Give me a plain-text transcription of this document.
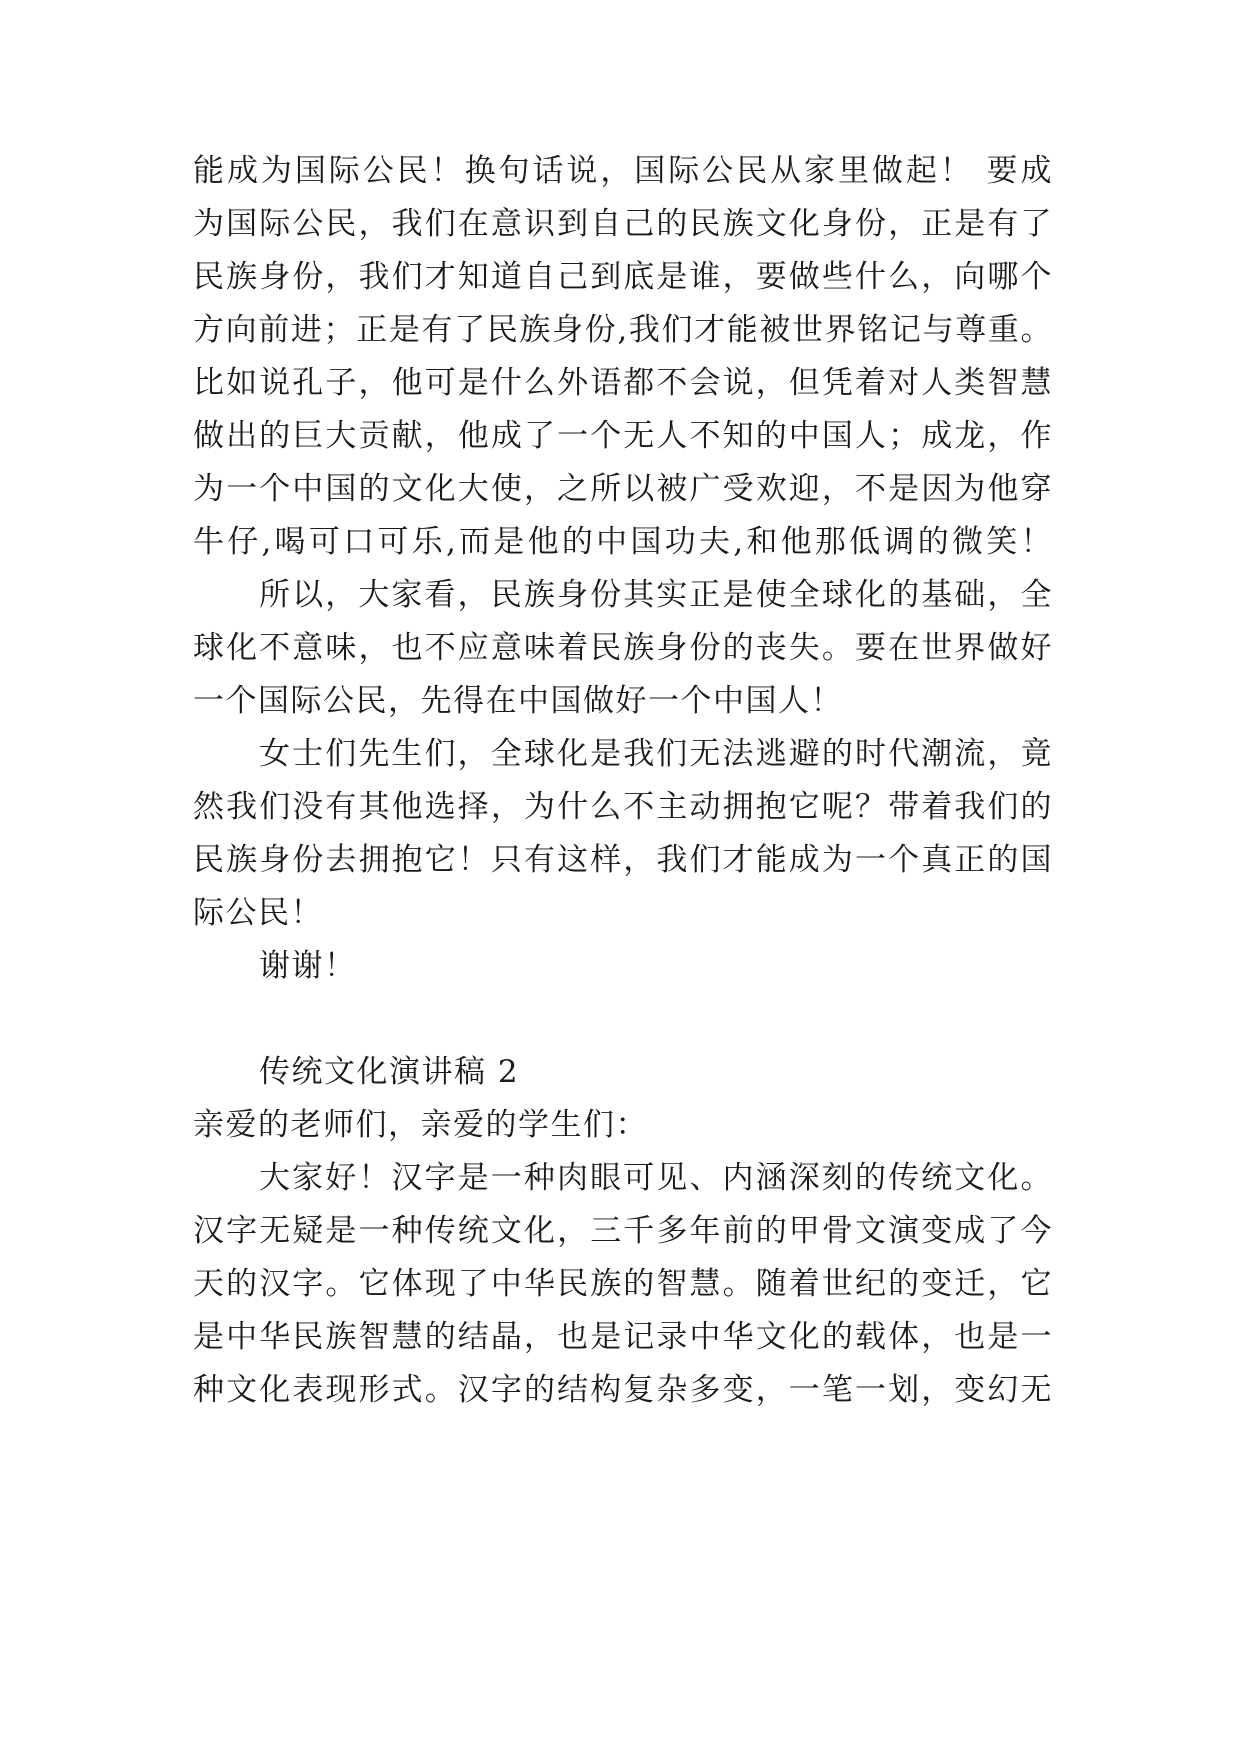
能成为国际公民！换句话说，国际公民从家里做起！ 要成
为国际公民，我们在意识到自己的民族文化身份，正是有了
民族身份，我们才知道自己到底是谁，要做些什么，向哪个
方向前进；正是有了民族身份,我们才能被世界铭记与尊重。
比如说孔子，他可是什么外语都不会说，但凭着对人类智慧
做出的巨大贡献，他成了一个无人不知的中国人；成龙，作
为一个中国的文化大使，之所以被广受欢迎，不是因为他穿
牛仔,喝可口可乐,而是他的中国功夫,和他那低调的微笑！
所以，大家看，民族身份其实正是使全球化的基础，全
球化不意味，也不应意味着民族身份的丧失。要在世界做好
一个国际公民，先得在中国做好一个中国人！
女士们先生们，全球化是我们无法逃避的时代潮流，竟
然我们没有其他选择，为什么不主动拥抱它呢？带着我们的
民族身份去拥抱它！只有这样，我们才能成为一个真正的国
际公民！
谢谢！
传统文化演讲稿 2
亲爱的老师们，亲爱的学生们：
大家好！汉字是一种肉眼可见、内涵深刻的传统文化。
汉字无疑是一种传统文化，三千多年前的甲骨文演变成了今
天的汉字。它体现了中华民族的智慧。随着世纪的变迁，它
是中华民族智慧的结晶，也是记录中华文化的载体，也是一
种文化表现形式。汉字的结构复杂多变，一笔一划，变幻无
